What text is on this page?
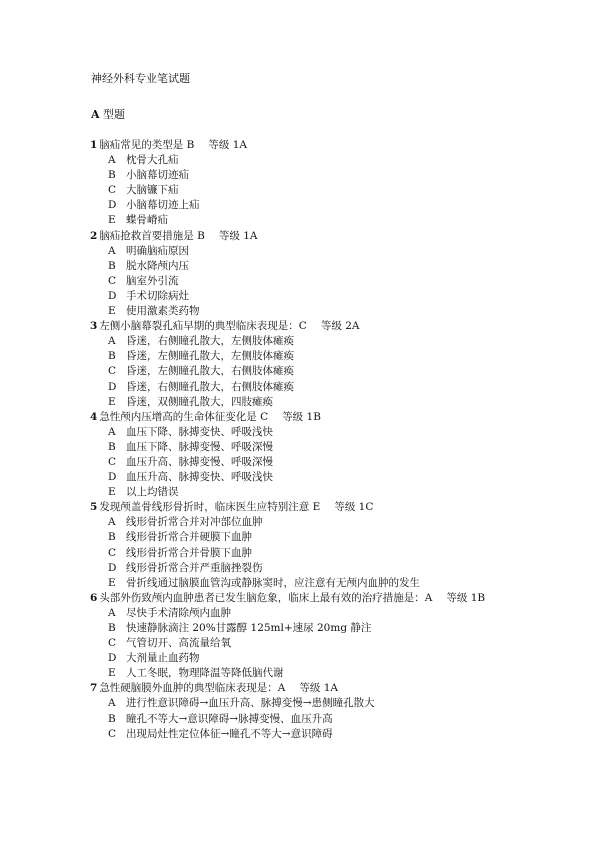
神经外科专业笔试题
A 型题
1 脑疝常见的类型是 B 等级 1A
A 枕骨大孔疝
B 小脑幕切迹疝
C 大脑镰下疝
D 小脑幕切迹上疝
E 蝶骨嵴疝
2 脑疝抢救首要措施是 B 等级 1A
A 明确脑疝原因
B 脱水降颅内压
C 脑室外引流
D 手术切除病灶
E 使用激素类药物
3 左侧小脑幕裂孔疝早期的典型临床表现是：C 等级 2A
A 昏迷，右侧瞳孔散大，左侧肢体瘫痪
B 昏迷，左侧瞳孔散大，左侧肢体瘫痪
C 昏迷，左侧瞳孔散大，右侧肢体瘫痪
D 昏迷，右侧瞳孔散大，右侧肢体瘫痪
E 昏迷，双侧瞳孔散大，四肢瘫痪
4 急性颅内压增高的生命体征变化是 C 等级 1B
A 血压下降、脉搏变快、呼吸浅快
B 血压下降、脉搏变慢、呼吸深慢
C 血压升高、脉搏变慢、呼吸深慢
D 血压升高、脉搏变快、呼吸浅快
E 以上均错误
5 发现颅盖骨线形骨折时，临床医生应特别注意 E 等级 1C
A 线形骨折常合并对冲部位血肿
B 线形骨折常合并硬膜下血肿
C 线形骨折常合并骨膜下血肿
D 线形骨折常合并严重脑挫裂伤
E 骨折线通过脑膜血管沟或静脉窦时，应注意有无颅内血肿的发生
6 头部外伤致颅内血肿患者已发生脑危象，临床上最有效的治疗措施是：A 等级 1B
A 尽快手术清除颅内血肿
B 快速静脉滴注 20%甘露醇 125ml+速尿 20mg 静注
C 气管切开、高流量给氧
D 大剂量止血药物
E 人工冬眠，物理降温等降低脑代谢
7 急性硬脑膜外血肿的典型临床表现是：A 等级 1A
A 进行性意识障碍→血压升高、脉搏变慢→患侧瞳孔散大
B 瞳孔不等大→意识障碍→脉搏变慢、血压升高
C 出现局灶性定位体征→瞳孔不等大→意识障碍
